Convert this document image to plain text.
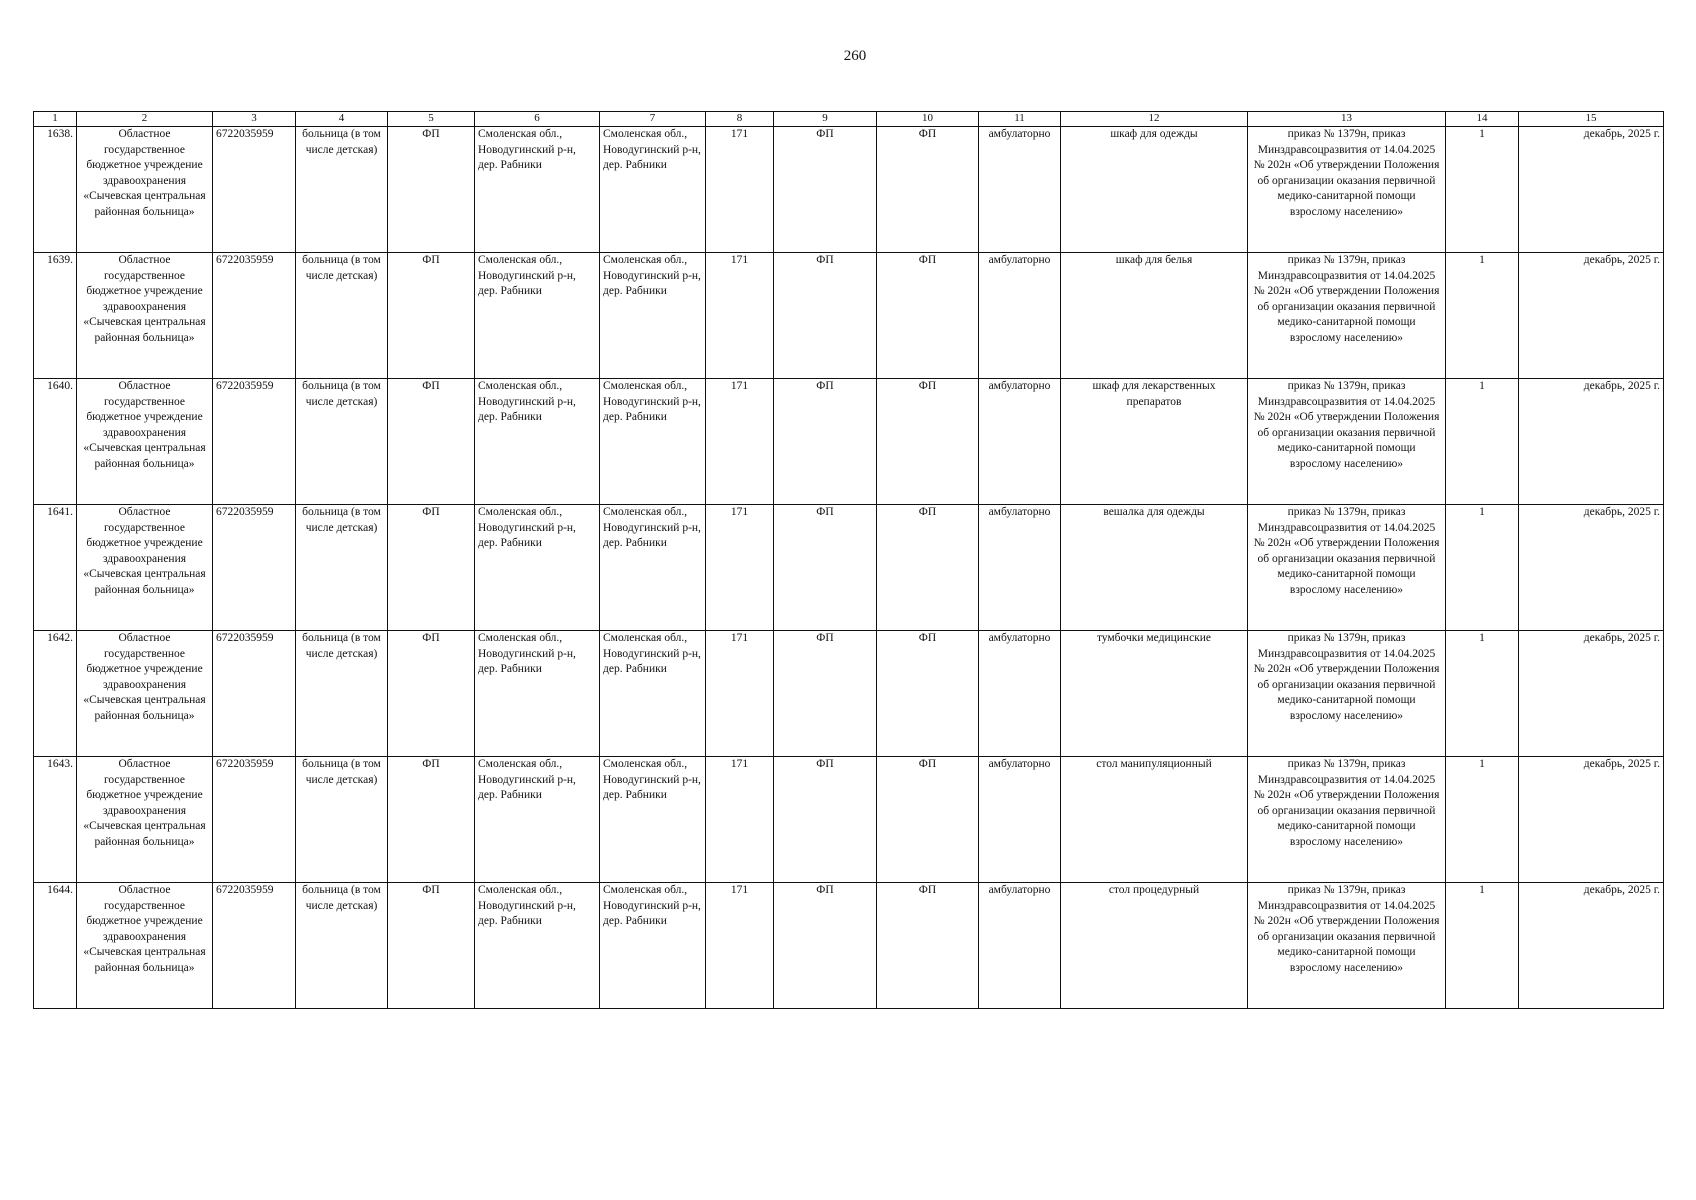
260
1	2	3	4	5	6	7	8	9	10	11	12	13	14	15
1638.	Областное государственное бюджетное учреждение здравоохранения «Сычевская центральная районная больница»	6722035959	больница (в том числе детская)	ФП	Смоленская обл., Новодугинский р-н, дер. Рабники	Смоленская обл., Новодугинский р-н, дер. Рабники	171	ФП	ФП	амбулаторно	шкаф для одежды	приказ № 1379н, приказ Минздравсоцразвития от 14.04.2025 № 202н «Об утверждении Положения об организации оказания первичной медико-санитарной помощи взрослому населению»	1	декабрь, 2025 г.
1639.	Областное государственное бюджетное учреждение здравоохранения «Сычевская центральная районная больница»	6722035959	больница (в том числе детская)	ФП	Смоленская обл., Новодугинский р-н, дер. Рабники	Смоленская обл., Новодугинский р-н, дер. Рабники	171	ФП	ФП	амбулаторно	шкаф для белья	приказ № 1379н, приказ Минздравсоцразвития от 14.04.2025 № 202н «Об утверждении Положения об организации оказания первичной медико-санитарной помощи взрослому населению»	1	декабрь, 2025 г.
1640.	Областное государственное бюджетное учреждение здравоохранения «Сычевская центральная районная больница»	6722035959	больница (в том числе детская)	ФП	Смоленская обл., Новодугинский р-н, дер. Рабники	Смоленская обл., Новодугинский р-н, дер. Рабники	171	ФП	ФП	амбулаторно	шкаф для лекарственных препаратов	приказ № 1379н, приказ Минздравсоцразвития от 14.04.2025 № 202н «Об утверждении Положения об организации оказания первичной медико-санитарной помощи взрослому населению»	1	декабрь, 2025 г.
1641.	Областное государственное бюджетное учреждение здравоохранения «Сычевская центральная районная больница»	6722035959	больница (в том числе детская)	ФП	Смоленская обл., Новодугинский р-н, дер. Рабники	Смоленская обл., Новодугинский р-н, дер. Рабники	171	ФП	ФП	амбулаторно	вешалка для одежды	приказ № 1379н, приказ Минздравсоцразвития от 14.04.2025 № 202н «Об утверждении Положения об организации оказания первичной медико-санитарной помощи взрослому населению»	1	декабрь, 2025 г.
1642.	Областное государственное бюджетное учреждение здравоохранения «Сычевская центральная районная больница»	6722035959	больница (в том числе детская)	ФП	Смоленская обл., Новодугинский р-н, дер. Рабники	Смоленская обл., Новодугинский р-н, дер. Рабники	171	ФП	ФП	амбулаторно	тумбочки медицинские	приказ № 1379н, приказ Минздравсоцразвития от 14.04.2025 № 202н «Об утверждении Положения об организации оказания первичной медико-санитарной помощи взрослому населению»	1	декабрь, 2025 г.
1643.	Областное государственное бюджетное учреждение здравоохранения «Сычевская центральная районная больница»	6722035959	больница (в том числе детская)	ФП	Смоленская обл., Новодугинский р-н, дер. Рабники	Смоленская обл., Новодугинский р-н, дер. Рабники	171	ФП	ФП	амбулаторно	стол манипуляционный	приказ № 1379н, приказ Минздравсоцразвития от 14.04.2025 № 202н «Об утверждении Положения об организации оказания первичной медико-санитарной помощи взрослому населению»	1	декабрь, 2025 г.
1644.	Областное государственное бюджетное учреждение здравоохранения «Сычевская центральная районная больница»	6722035959	больница (в том числе детская)	ФП	Смоленская обл., Новодугинский р-н, дер. Рабники	Смоленская обл., Новодугинский р-н, дер. Рабники	171	ФП	ФП	амбулаторно	стол процедурный	приказ № 1379н, приказ Минздравсоцразвития от 14.04.2025 № 202н «Об утверждении Положения об организации оказания первичной медико-санитарной помощи взрослому населению»	1	декабрь, 2025 г.
